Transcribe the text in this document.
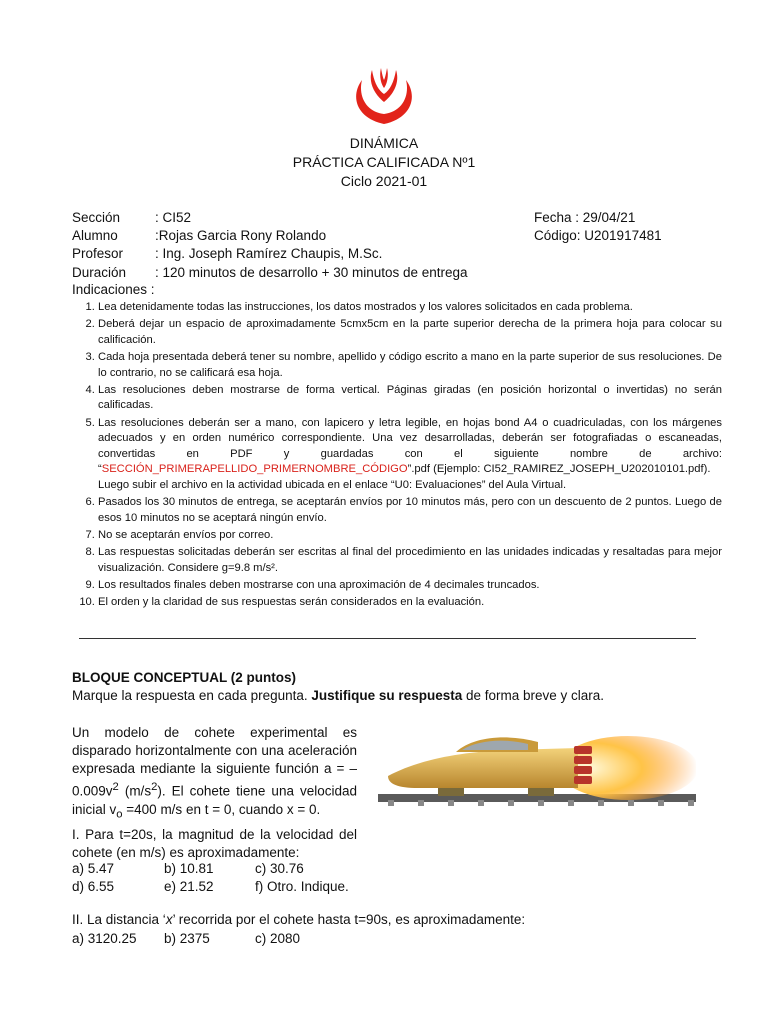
DINÁMICA
PRÁCTICA CALIFICADA Nº1
Ciclo 2021-01
Sección	: CI52	Fecha : 29/04/21
Alumno	:Rojas Garcia Rony Rolando	Código: U201917481
Profesor : Ing. Joseph Ramírez Chaupis, M.Sc.
Duración : 120 minutos de desarrollo + 30 minutos de entrega
Indicaciones :
1. Lea detenidamente todas las instrucciones, los datos mostrados y los valores solicitados en cada problema.
2. Deberá dejar un espacio de aproximadamente 5cmx5cm en la parte superior derecha de la primera hoja para colocar su calificación.
3. Cada hoja presentada deberá tener su nombre, apellido y código escrito a mano en la parte superior de sus resoluciones. De lo contrario, no se calificará esa hoja.
4. Las resoluciones deben mostrarse de forma vertical. Páginas giradas (en posición horizontal o invertidas) no serán calificadas.
5. Las resoluciones deberán ser a mano, con lapicero y letra legible, en hojas bond A4 o cuadriculadas, con los márgenes adecuados y en orden numérico correspondiente. Una vez desarrolladas, deberán ser fotografiadas o escaneadas, convertidas en PDF y guardadas con el siguiente nombre de archivo: “SECCIÓN_PRIMERAPELLIDO_PRIMERNOMBRE_CÓDIGO”.pdf (Ejemplo: CI52_RAMIREZ_JOSEPH_U202010101.pdf).
Luego subir el archivo en la actividad ubicada en el enlace “U0: Evaluaciones” del Aula Virtual.
6. Pasados los 30 minutos de entrega, se aceptarán envíos por 10 minutos más, pero con un descuento de 2 puntos. Luego de esos 10 minutos no se aceptará ningún envío.
7. No se aceptarán envíos por correo.
8. Las respuestas solicitadas deberán ser escritas al final del procedimiento en las unidades indicadas y resaltadas para mejor visualización. Considere g=9.8 m/s².
9. Los resultados finales deben mostrarse con una aproximación de 4 decimales truncados.
10. El orden y la claridad de sus respuestas serán considerados en la evaluación.
BLOQUE CONCEPTUAL (2 puntos)
Marque la respuesta en cada pregunta. Justifique su respuesta de forma breve y clara.
Un modelo de cohete experimental es disparado horizontalmente con una aceleración expresada mediante la siguiente función $a = -0.009v^2$ $(m/s^2)$. El cohete tiene una velocidad inicial $v_o =400$ m/s en t = 0, cuando x = 0.
I. Para t=20s, la magnitud de la velocidad del cohete (en m/s) es aproximadamente:
a) 5.47	b) 10.81	c) 30.76
d) 6.55	e) 21.52	f) Otro. Indique.
II. La distancia ‘x’ recorrida por el cohete hasta t=90s, es aproximadamente:
a) 3120.25 b) 2375	c) 2080
